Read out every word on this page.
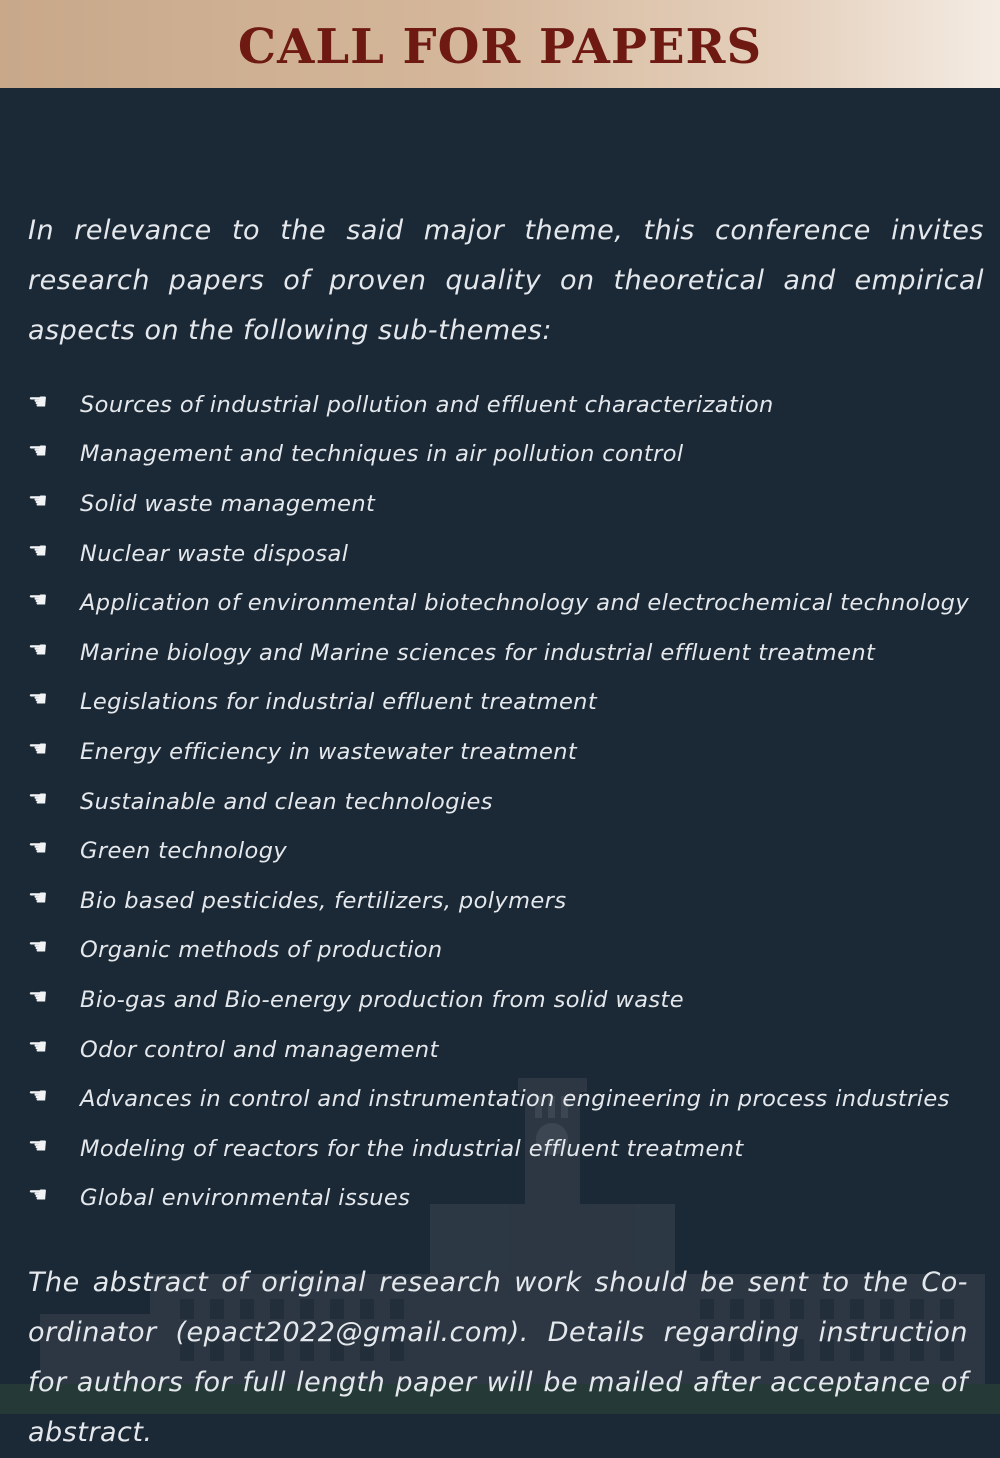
CALL FOR PAPERS
In relevance to the said major theme, this conference invites research papers of proven quality on theoretical and empirical aspects on the following sub-themes:
☚	Sources of industrial pollution and effluent characterization
☚	Management and techniques in air pollution control
☚	Solid waste management
☚	Nuclear waste disposal
☚	Application of environmental biotechnology and electrochemical technology
☚	Marine biology and Marine sciences for industrial effluent treatment
☚	Legislations for industrial effluent treatment
☚	Energy efficiency in wastewater treatment
☚	Sustainable and clean technologies
☚	Green technology
☚	Bio based pesticides, fertilizers, polymers
☚	Organic methods of production
☚	Bio-gas and Bio-energy production from solid waste
☚	Odor control and management
☚	Advances in control and instrumentation engineering in process industries
☚	Modeling of reactors for the industrial effluent treatment
☚	Global environmental issues
The abstract of original research work should be sent to the Co-ordinator (epact2022@gmail.com). Details regarding instruction for authors for full length paper will be mailed after acceptance of abstract.
